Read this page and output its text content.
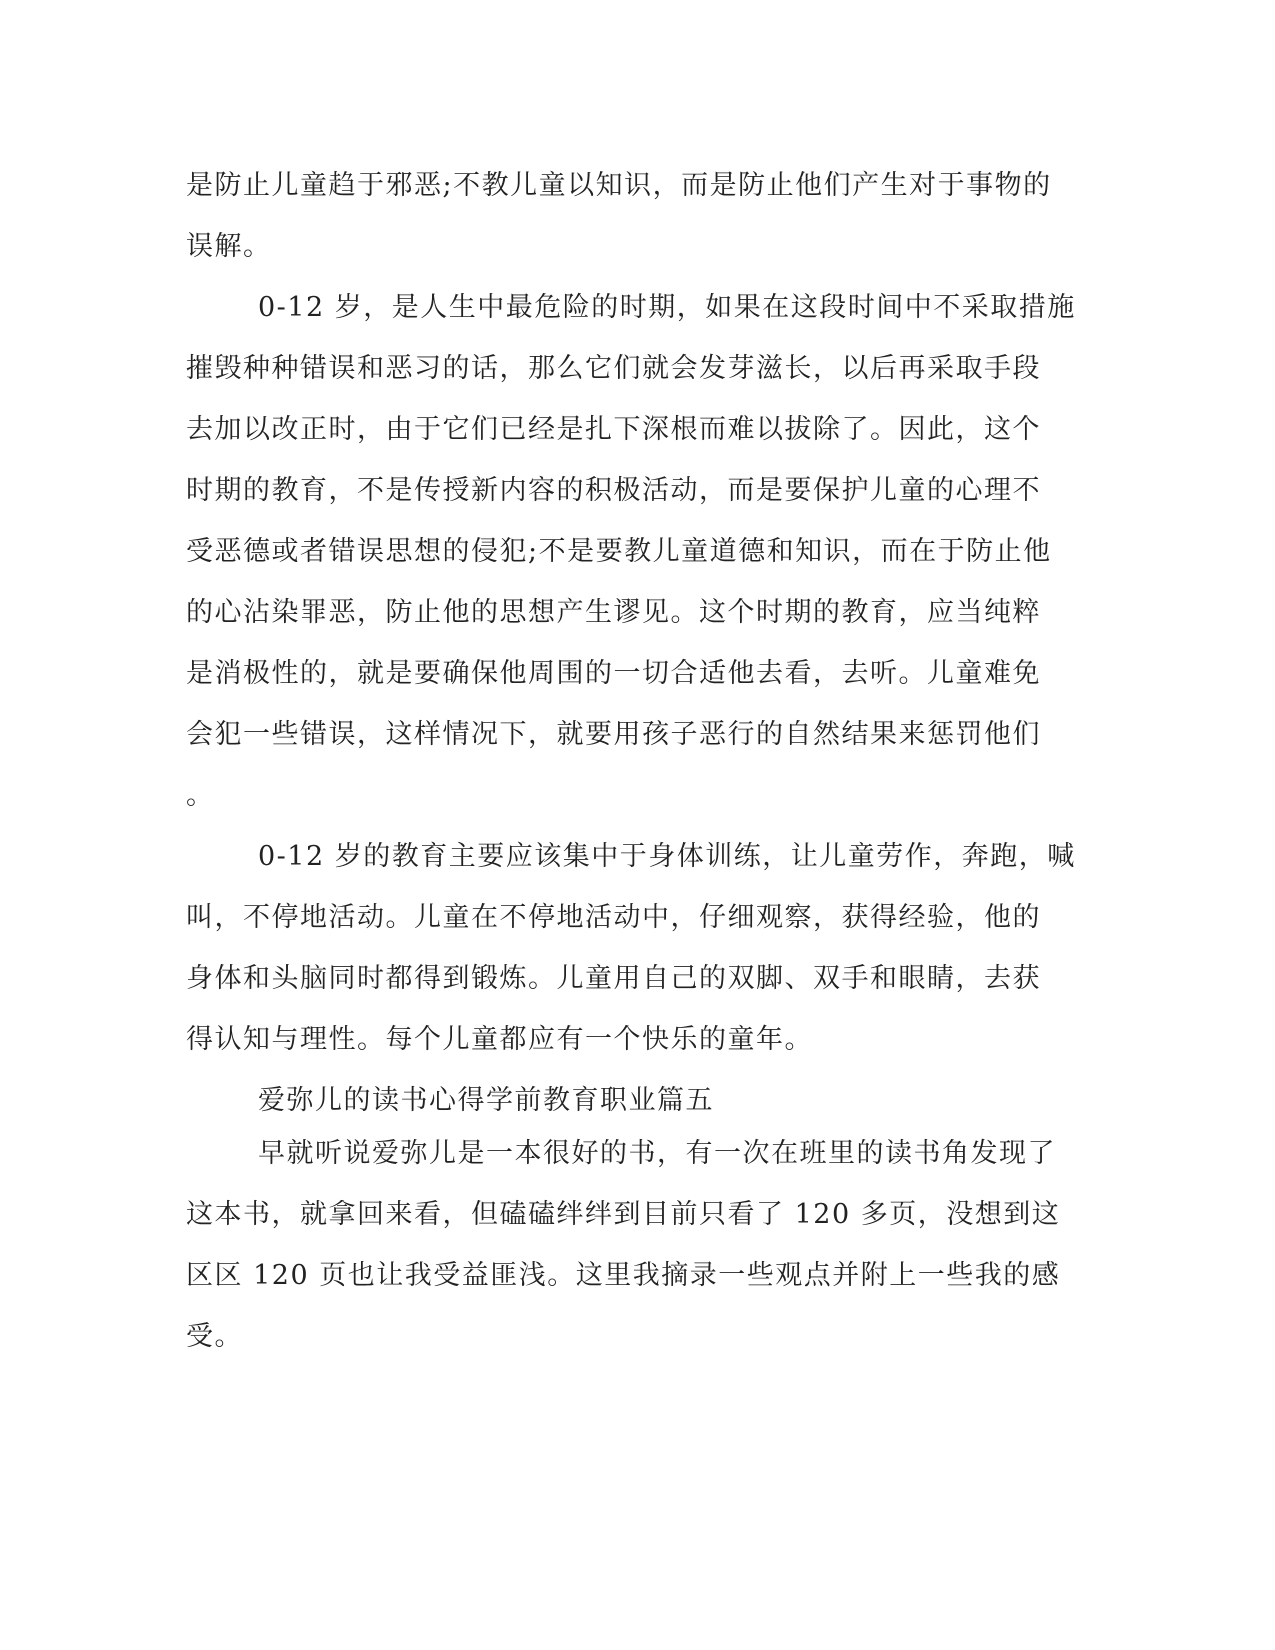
是防止儿童趋于邪恶;不教儿童以知识，而是防止他们产生对于事物的
误解。
0-12 岁，是人生中最危险的时期，如果在这段时间中不采取措施
摧毁种种错误和恶习的话，那么它们就会发芽滋长，以后再采取手段
去加以改正时，由于它们已经是扎下深根而难以拔除了。因此，这个
时期的教育，不是传授新内容的积极活动，而是要保护儿童的心理不
受恶德或者错误思想的侵犯;不是要教儿童道德和知识，而在于防止他
的心沾染罪恶，防止他的思想产生谬见。这个时期的教育，应当纯粹
是消极性的，就是要确保他周围的一切合适他去看，去听。儿童难免
会犯一些错误，这样情况下，就要用孩子恶行的自然结果来惩罚他们
。
0-12 岁的教育主要应该集中于身体训练，让儿童劳作，奔跑，喊
叫，不停地活动。儿童在不停地活动中，仔细观察，获得经验，他的
身体和头脑同时都得到锻炼。儿童用自己的双脚、双手和眼睛，去获
得认知与理性。每个儿童都应有一个快乐的童年。
爱弥儿的读书心得学前教育职业篇五
早就听说爱弥儿是一本很好的书，有一次在班里的读书角发现了
这本书，就拿回来看，但磕磕绊绊到目前只看了 120 多页，没想到这
区区 120 页也让我受益匪浅。这里我摘录一些观点并附上一些我的感
受。
